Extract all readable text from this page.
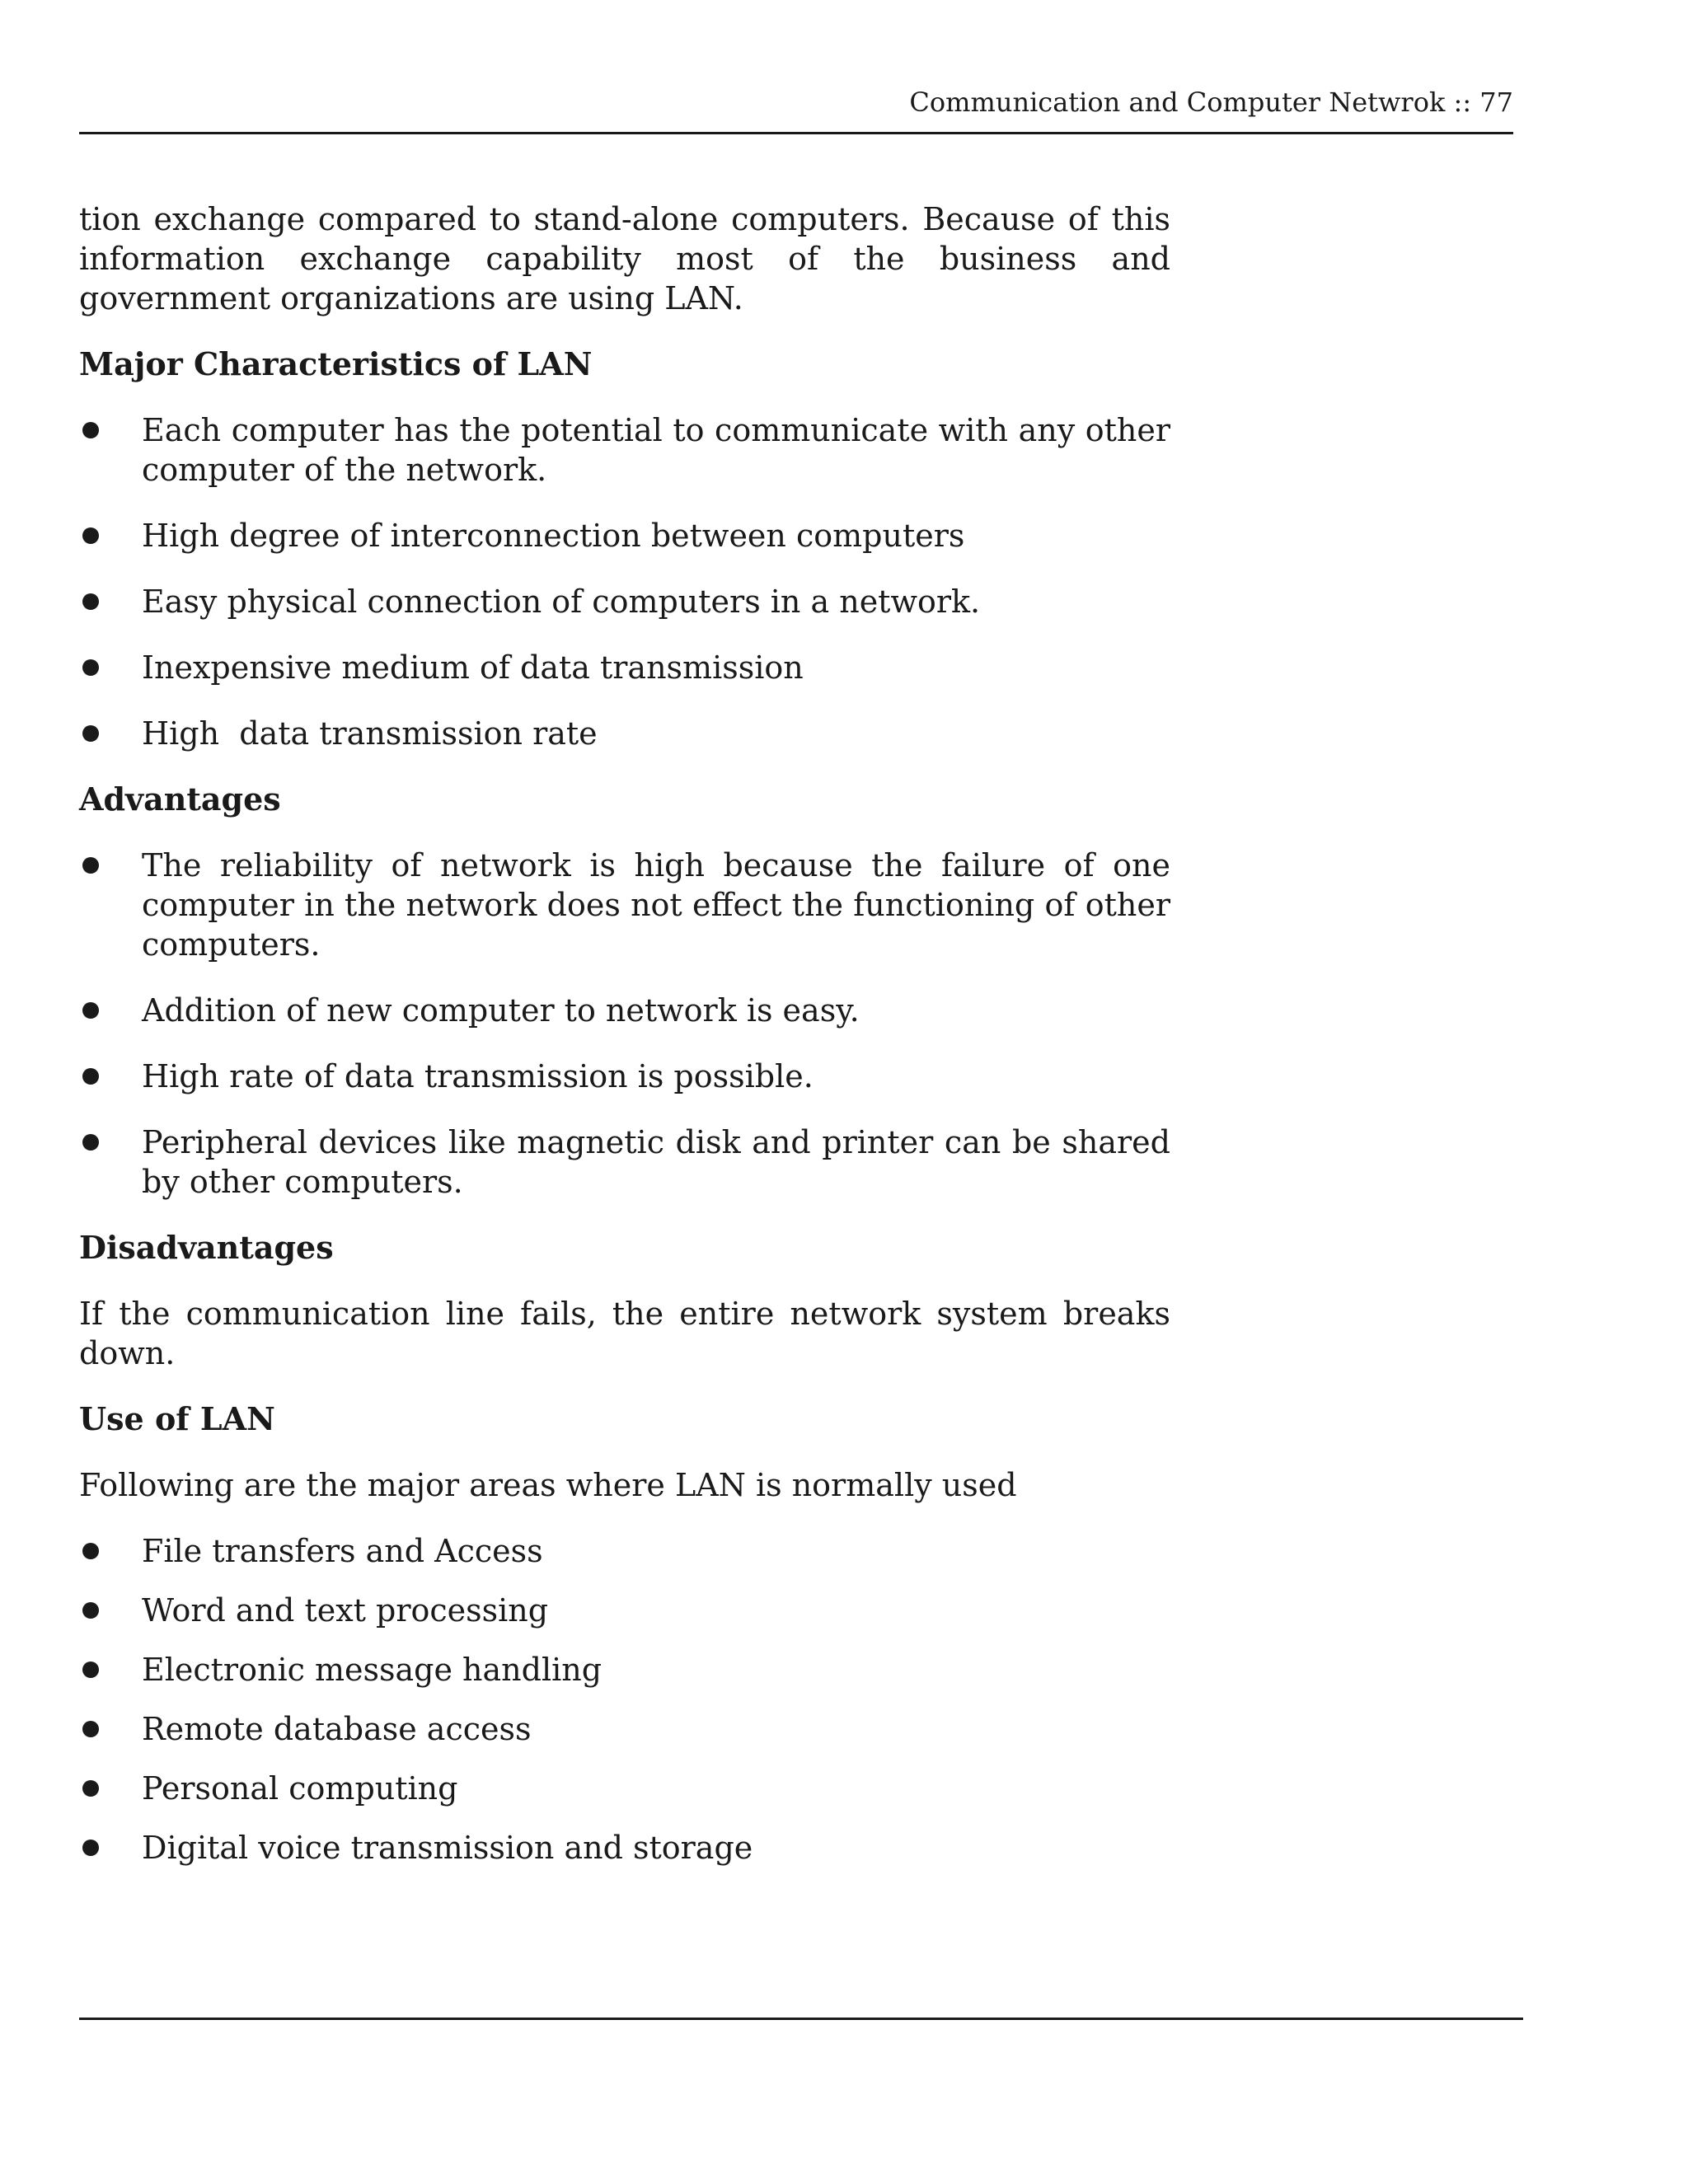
Communication and Computer Netwrok :: 77

tion exchange compared to stand-alone computers. Because of this information exchange capability most of the business and government organizations are using LAN.

Major Characteristics of LAN

Each computer has the potential to communicate with any other computer of the network.
High degree of interconnection between computers
Easy physical connection of computers in a network.
Inexpensive medium of data transmission
High  data transmission rate

Advantages

The reliability of network is high because the failure of one computer in the network does not effect the functioning of other computers.
Addition of new computer to network is easy.
High rate of data transmission is possible.
Peripheral devices like magnetic disk and printer can be shared by other computers.

Disadvantages

If the communication line fails, the entire network system breaks down.

Use of LAN

Following are the major areas where LAN is normally used

File transfers and Access
Word and text processing
Electronic message handling
Remote database access
Personal computing
Digital voice transmission and storage
